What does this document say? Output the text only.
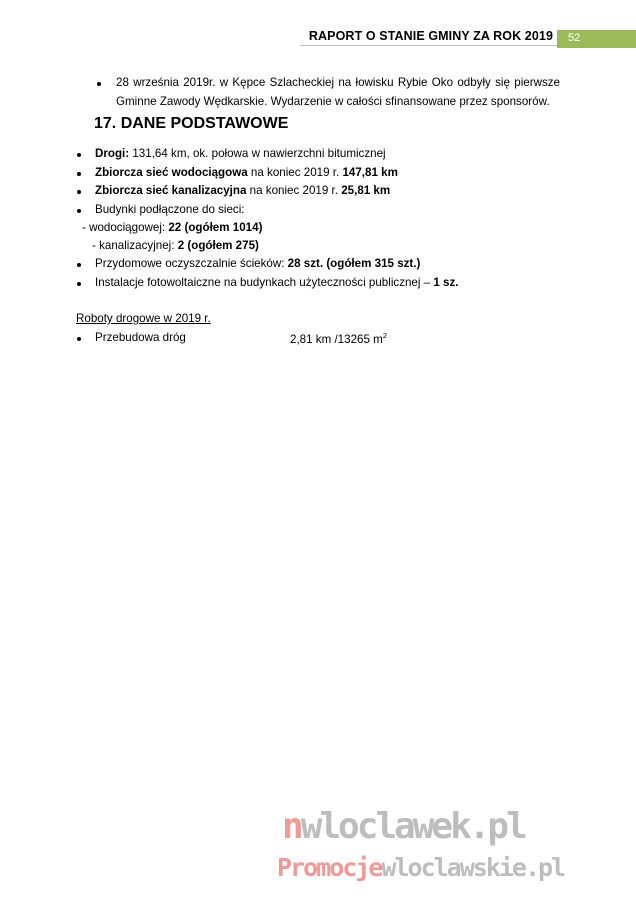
RAPORT O STANIE GMINY ZA ROK 2019 52
28 września 2019r. w Kępce Szlacheckiej na łowisku Rybie Oko odbyły się pierwsze
Gminne Zawody Wędkarskie. Wydarzenie w całości sfinansowane przez sponsorów.
17. DANE PODSTAWOWE
Drogi: 131,64 km, ok. połowa w nawierzchni bitumicznej
Zbiorcza sieć wodociągowa na koniec 2019 r. 147,81 km
Zbiorcza sieć kanalizacyjna na koniec 2019 r. 25,81 km
Budynki podłączone do sieci:
- wodociągowej: 22 (ogółem 1014)
- kanalizacyjnej: 2 (ogółem 275)
Przydomowe oczyszczalnie ścieków: 28 szt. (ogółem 315 szt.)
Instalacje fotowoltaiczne na budynkach użyteczności publicznej – 1 sz.
Roboty drogowe w 2019 r.
Przebudowa dróg	2,81 km /13265 $m^2$
nwloclawek.pl
Promocjewloclawskie.pl
